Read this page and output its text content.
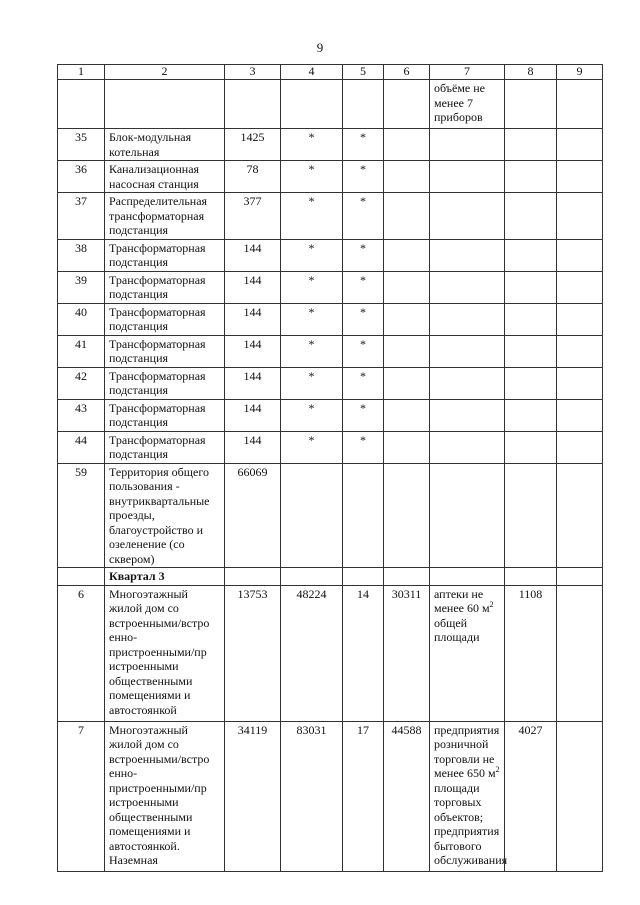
9
1	2	3	4	5	6	7	8	9
						объёме не менее 7 приборов		
35	Блок-модульная котельная	1425	*	*				
36	Канализационная насосная станция	78	*	*				
37	Распределительная трансформаторная подстанция	377	*	*				
38	Трансформаторная подстанция	144	*	*				
39	Трансформаторная подстанция	144	*	*				
40	Трансформаторная подстанция	144	*	*				
41	Трансформаторная подстанция	144	*	*				
42	Трансформаторная подстанция	144	*	*				
43	Трансформаторная подстанция	144	*	*				
44	Трансформаторная подстанция	144	*	*				
59	Территория общего пользования - внутриквартальные проезды, благоустройство и озеленение (со сквером)	66069						
	Квартал 3							
6	Многоэтажный жилой дом со встроенными/встро енно-пристроенными/пр истроенными общественными помещениями и автостоянкой	13753	48224	14	30311	аптеки не менее 60 $м^2$ общей площади	1108	
7	Многоэтажный жилой дом со встроенными/встро енно-пристроенными/пр истроенными общественными помещениями и автостоянкой. Наземная	34119	83031	17	44588	предприятия розничной торговли не менее 650 $м^2$ площади торговых объектов; предприятия бытового обслуживания	4027	
